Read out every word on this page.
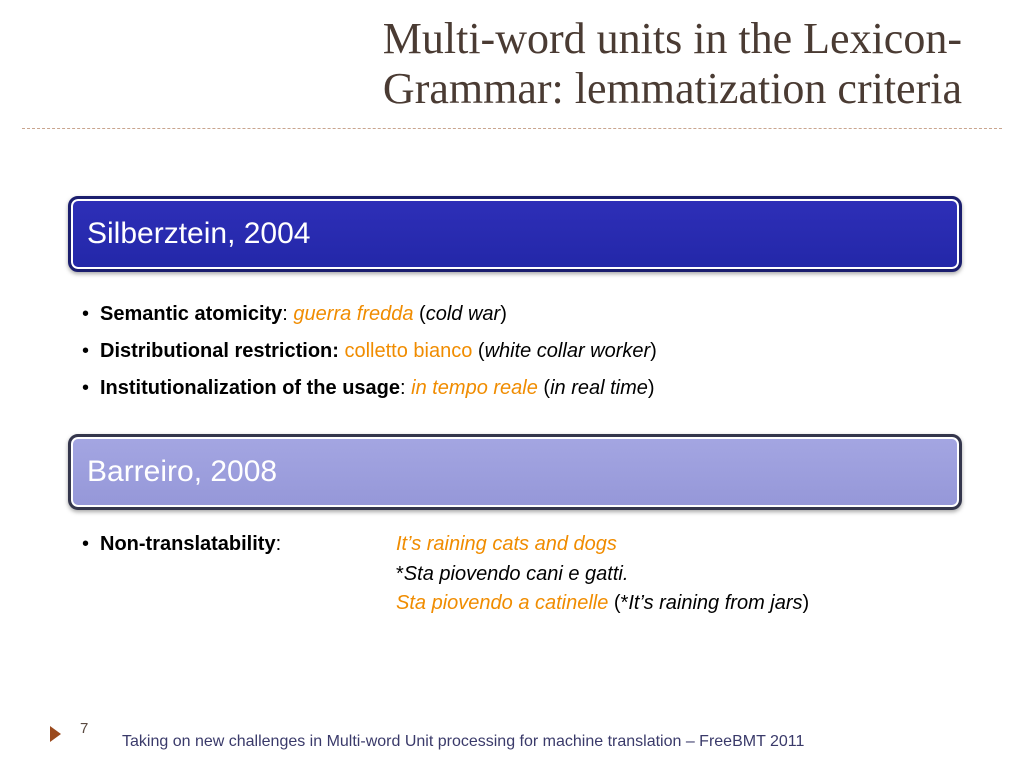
Multi-word units in the Lexicon-
Grammar: lemmatization criteria
Silberztein, 2004
• Semantic atomicity: guerra fredda (cold war)
• Distributional restriction: colletto bianco (white collar worker)
• Institutionalization of the usage: in tempo reale (in real time)
Barreiro, 2008
• Non-translatability:	It’s raining cats and dogs
*Sta piovendo cani e gatti.
Sta piovendo a catinelle (*It’s raining from jars)
7
Taking on new challenges in Multi-word Unit processing for machine translation – FreeBMT 2011
